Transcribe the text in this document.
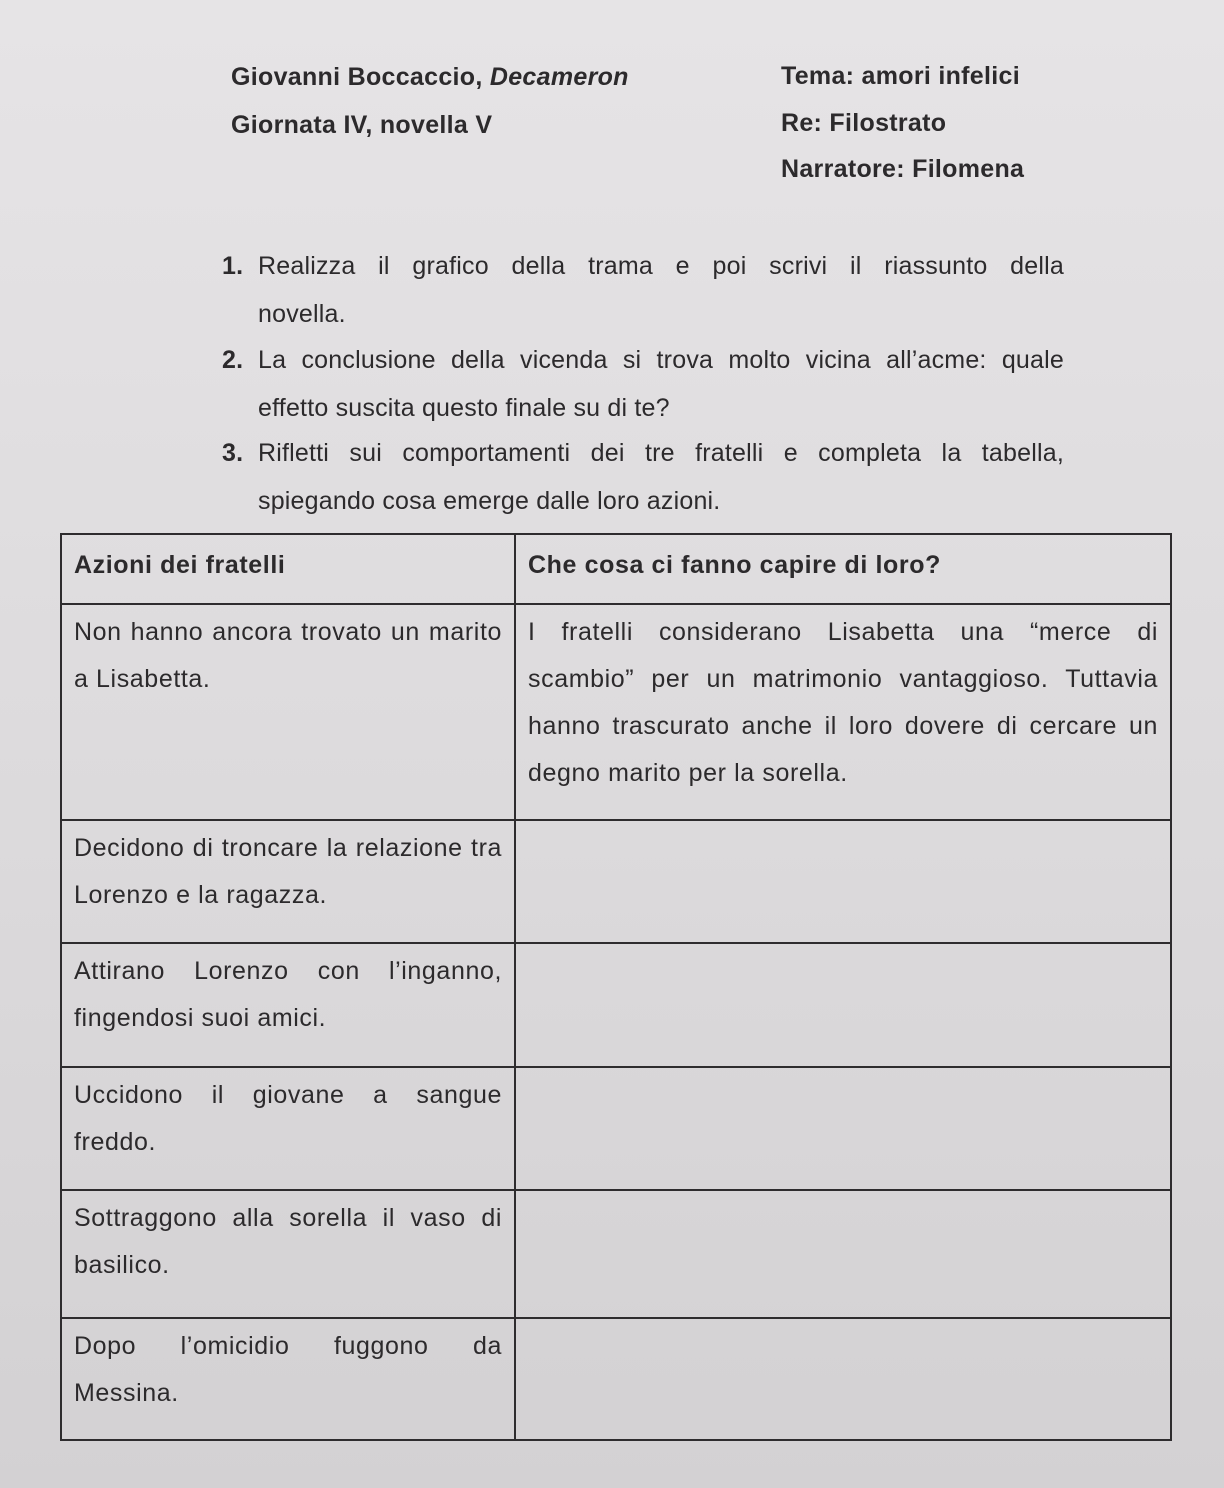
Giovanni Boccaccio, Decameron
Giornata IV, novella V
Tema: amori infelici
Re: Filostrato
Narratore: Filomena
1. Realizza il grafico della trama e poi scrivi il riassunto della
novella.
2. La conclusione della vicenda si trova molto vicina all’acme: quale
effetto suscita questo finale su di te?
3. Rifletti sui comportamenti dei tre fratelli e completa la tabella,
spiegando cosa emerge dalle loro azioni.
Azioni dei fratelli	Che cosa ci fanno capire di loro?

Non hanno ancora trovato un marito a Lisabetta.	I fratelli considerano Lisabetta una “merce di scambio” per un matrimonio vantaggioso. Tuttavia hanno trascurato anche il loro dovere di cercare un degno marito per la sorella.

Decidono di troncare la relazione tra Lorenzo e la ragazza.	

Attirano Lorenzo con l’inganno, fingendosi suoi amici.	

Uccidono il giovane a sangue freddo.	

Sottraggono alla sorella il vaso di basilico.	

Dopo l’omicidio fuggono da Messina.	
